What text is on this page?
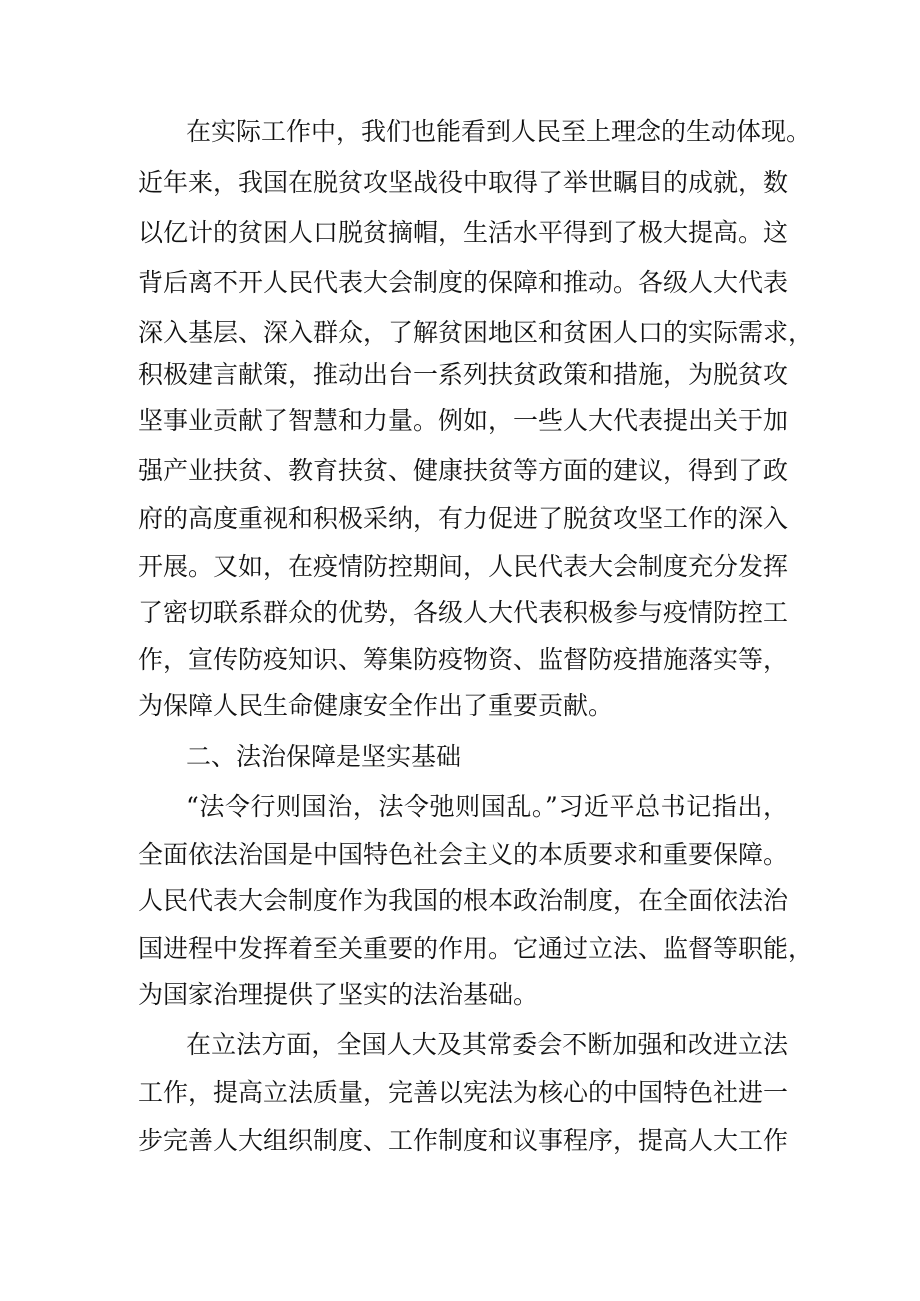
在实际工作中，我们也能看到人民至上理念的生动体现。
近年来，我国在脱贫攻坚战役中取得了举世瞩目的成就，数
以亿计的贫困人口脱贫摘帽，生活水平得到了极大提高。这
背后离不开人民代表大会制度的保障和推动。各级人大代表
深入基层、深入群众，了解贫困地区和贫困人口的实际需求，
积极建言献策，推动出台一系列扶贫政策和措施，为脱贫攻
坚事业贡献了智慧和力量。例如，一些人大代表提出关于加
强产业扶贫、教育扶贫、健康扶贫等方面的建议，得到了政
府的高度重视和积极采纳，有力促进了脱贫攻坚工作的深入
开展。又如，在疫情防控期间，人民代表大会制度充分发挥
了密切联系群众的优势，各级人大代表积极参与疫情防控工
作，宣传防疫知识、筹集防疫物资、监督防疫措施落实等，
为保障人民生命健康安全作出了重要贡献。
二、法治保障是坚实基础
“法令行则国治，法令弛则国乱。”习近平总书记指出，
全面依法治国是中国特色社会主义的本质要求和重要保障。
人民代表大会制度作为我国的根本政治制度，在全面依法治
国进程中发挥着至关重要的作用。它通过立法、监督等职能，
为国家治理提供了坚实的法治基础。
在立法方面，全国人大及其常委会不断加强和改进立法
工作，提高立法质量，完善以宪法为核心的中国特色社进一
步完善人大组织制度、工作制度和议事程序，提高人大工作
